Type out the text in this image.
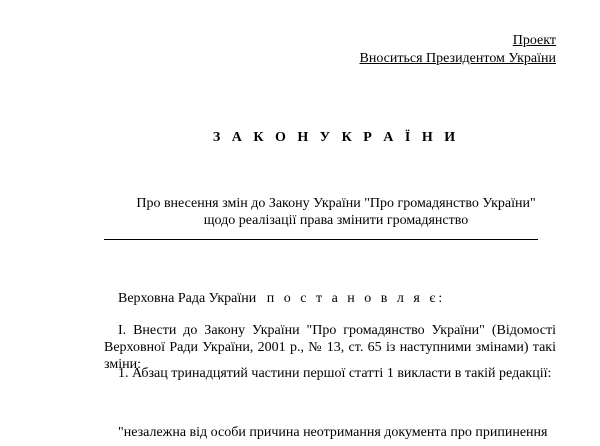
Проект
Вноситься Президентом України
З А К О Н У К Р А Ї Н И
Про внесення змін до Закону України "Про громадянство України"
щодо реалізації права змінити громадянство
Верховна Рада України п о с т а н о в л я є:
І. Внести до Закону України "Про громадянство України" (Відомості Верховної Ради України, 2001 р., № 13, ст. 65 із наступними змінами) такі зміни:
1. Абзац тринадцятий частини першої статті 1 викласти в такій редакції:
"незалежна від особи причина неотримання документа про припинення
